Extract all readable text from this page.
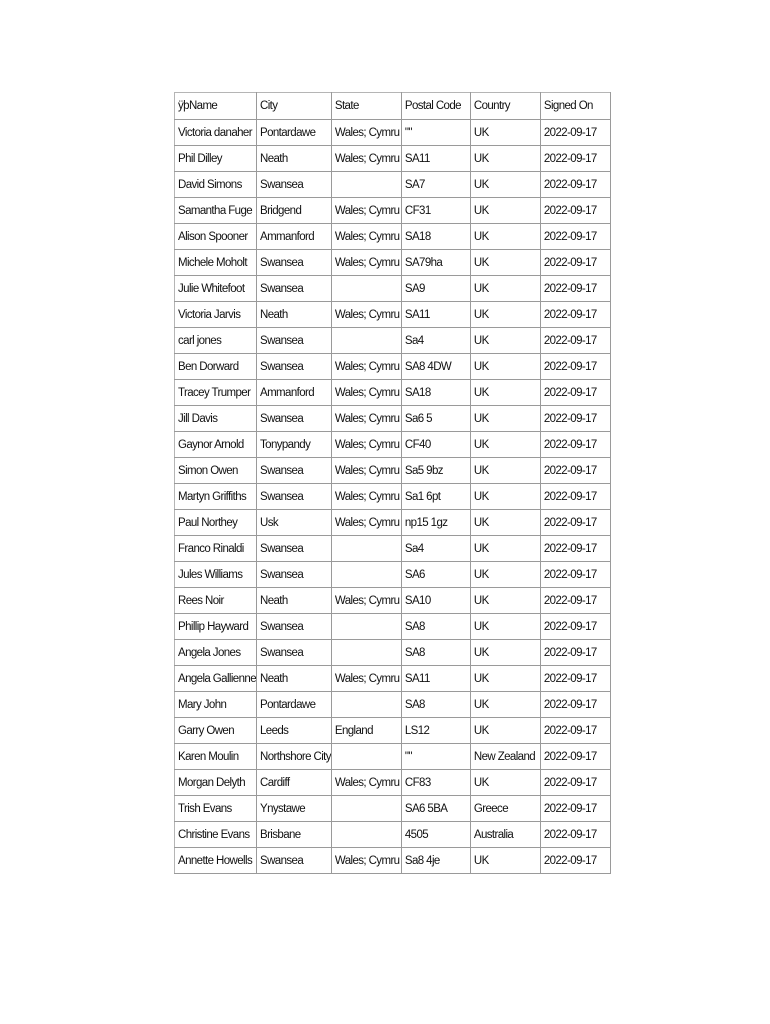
ÿþName	City	State	Postal Code	Country	Signed On
Victoria danaher	Pontardawe	Wales; Cymru	""	UK	2022-09-17
Phil Dilley	Neath	Wales; Cymru	SA11	UK	2022-09-17
David Simons	Swansea		SA7	UK	2022-09-17
Samantha Fuge	Bridgend	Wales; Cymru	CF31	UK	2022-09-17
Alison Spooner	Ammanford	Wales; Cymru	SA18	UK	2022-09-17
Michele Moholt	Swansea	Wales; Cymru	SA79ha	UK	2022-09-17
Julie Whitefoot	Swansea		SA9	UK	2022-09-17
Victoria Jarvis	Neath	Wales; Cymru	SA11	UK	2022-09-17
carl jones	Swansea		Sa4	UK	2022-09-17
Ben Dorward	Swansea	Wales; Cymru	SA8 4DW	UK	2022-09-17
Tracey Trumper	Ammanford	Wales; Cymru	SA18	UK	2022-09-17
Jill Davis	Swansea	Wales; Cymru	Sa6 5	UK	2022-09-17
Gaynor Arnold	Tonypandy	Wales; Cymru	CF40	UK	2022-09-17
Simon Owen	Swansea	Wales; Cymru	Sa5 9bz	UK	2022-09-17
Martyn Griffiths	Swansea	Wales; Cymru	Sa1 6pt	UK	2022-09-17
Paul Northey	Usk	Wales; Cymru	np15 1gz	UK	2022-09-17
Franco Rinaldi	Swansea		Sa4	UK	2022-09-17
Jules Williams	Swansea		SA6	UK	2022-09-17
Rees Noir	Neath	Wales; Cymru	SA10	UK	2022-09-17
Phillip Hayward	Swansea		SA8	UK	2022-09-17
Angela Jones	Swansea		SA8	UK	2022-09-17
Angela Gallienne	Neath	Wales; Cymru	SA11	UK	2022-09-17
Mary John	Pontardawe		SA8	UK	2022-09-17
Garry Owen	Leeds	England	LS12	UK	2022-09-17
Karen Moulin	Northshore City		""	New Zealand	2022-09-17
Morgan Delyth	Cardiff	Wales; Cymru	CF83	UK	2022-09-17
Trish Evans	Ynystawe		SA6 5BA	Greece	2022-09-17
Christine Evans	Brisbane		4505	Australia	2022-09-17
Annette Howells	Swansea	Wales; Cymru	Sa8 4je	UK	2022-09-17
